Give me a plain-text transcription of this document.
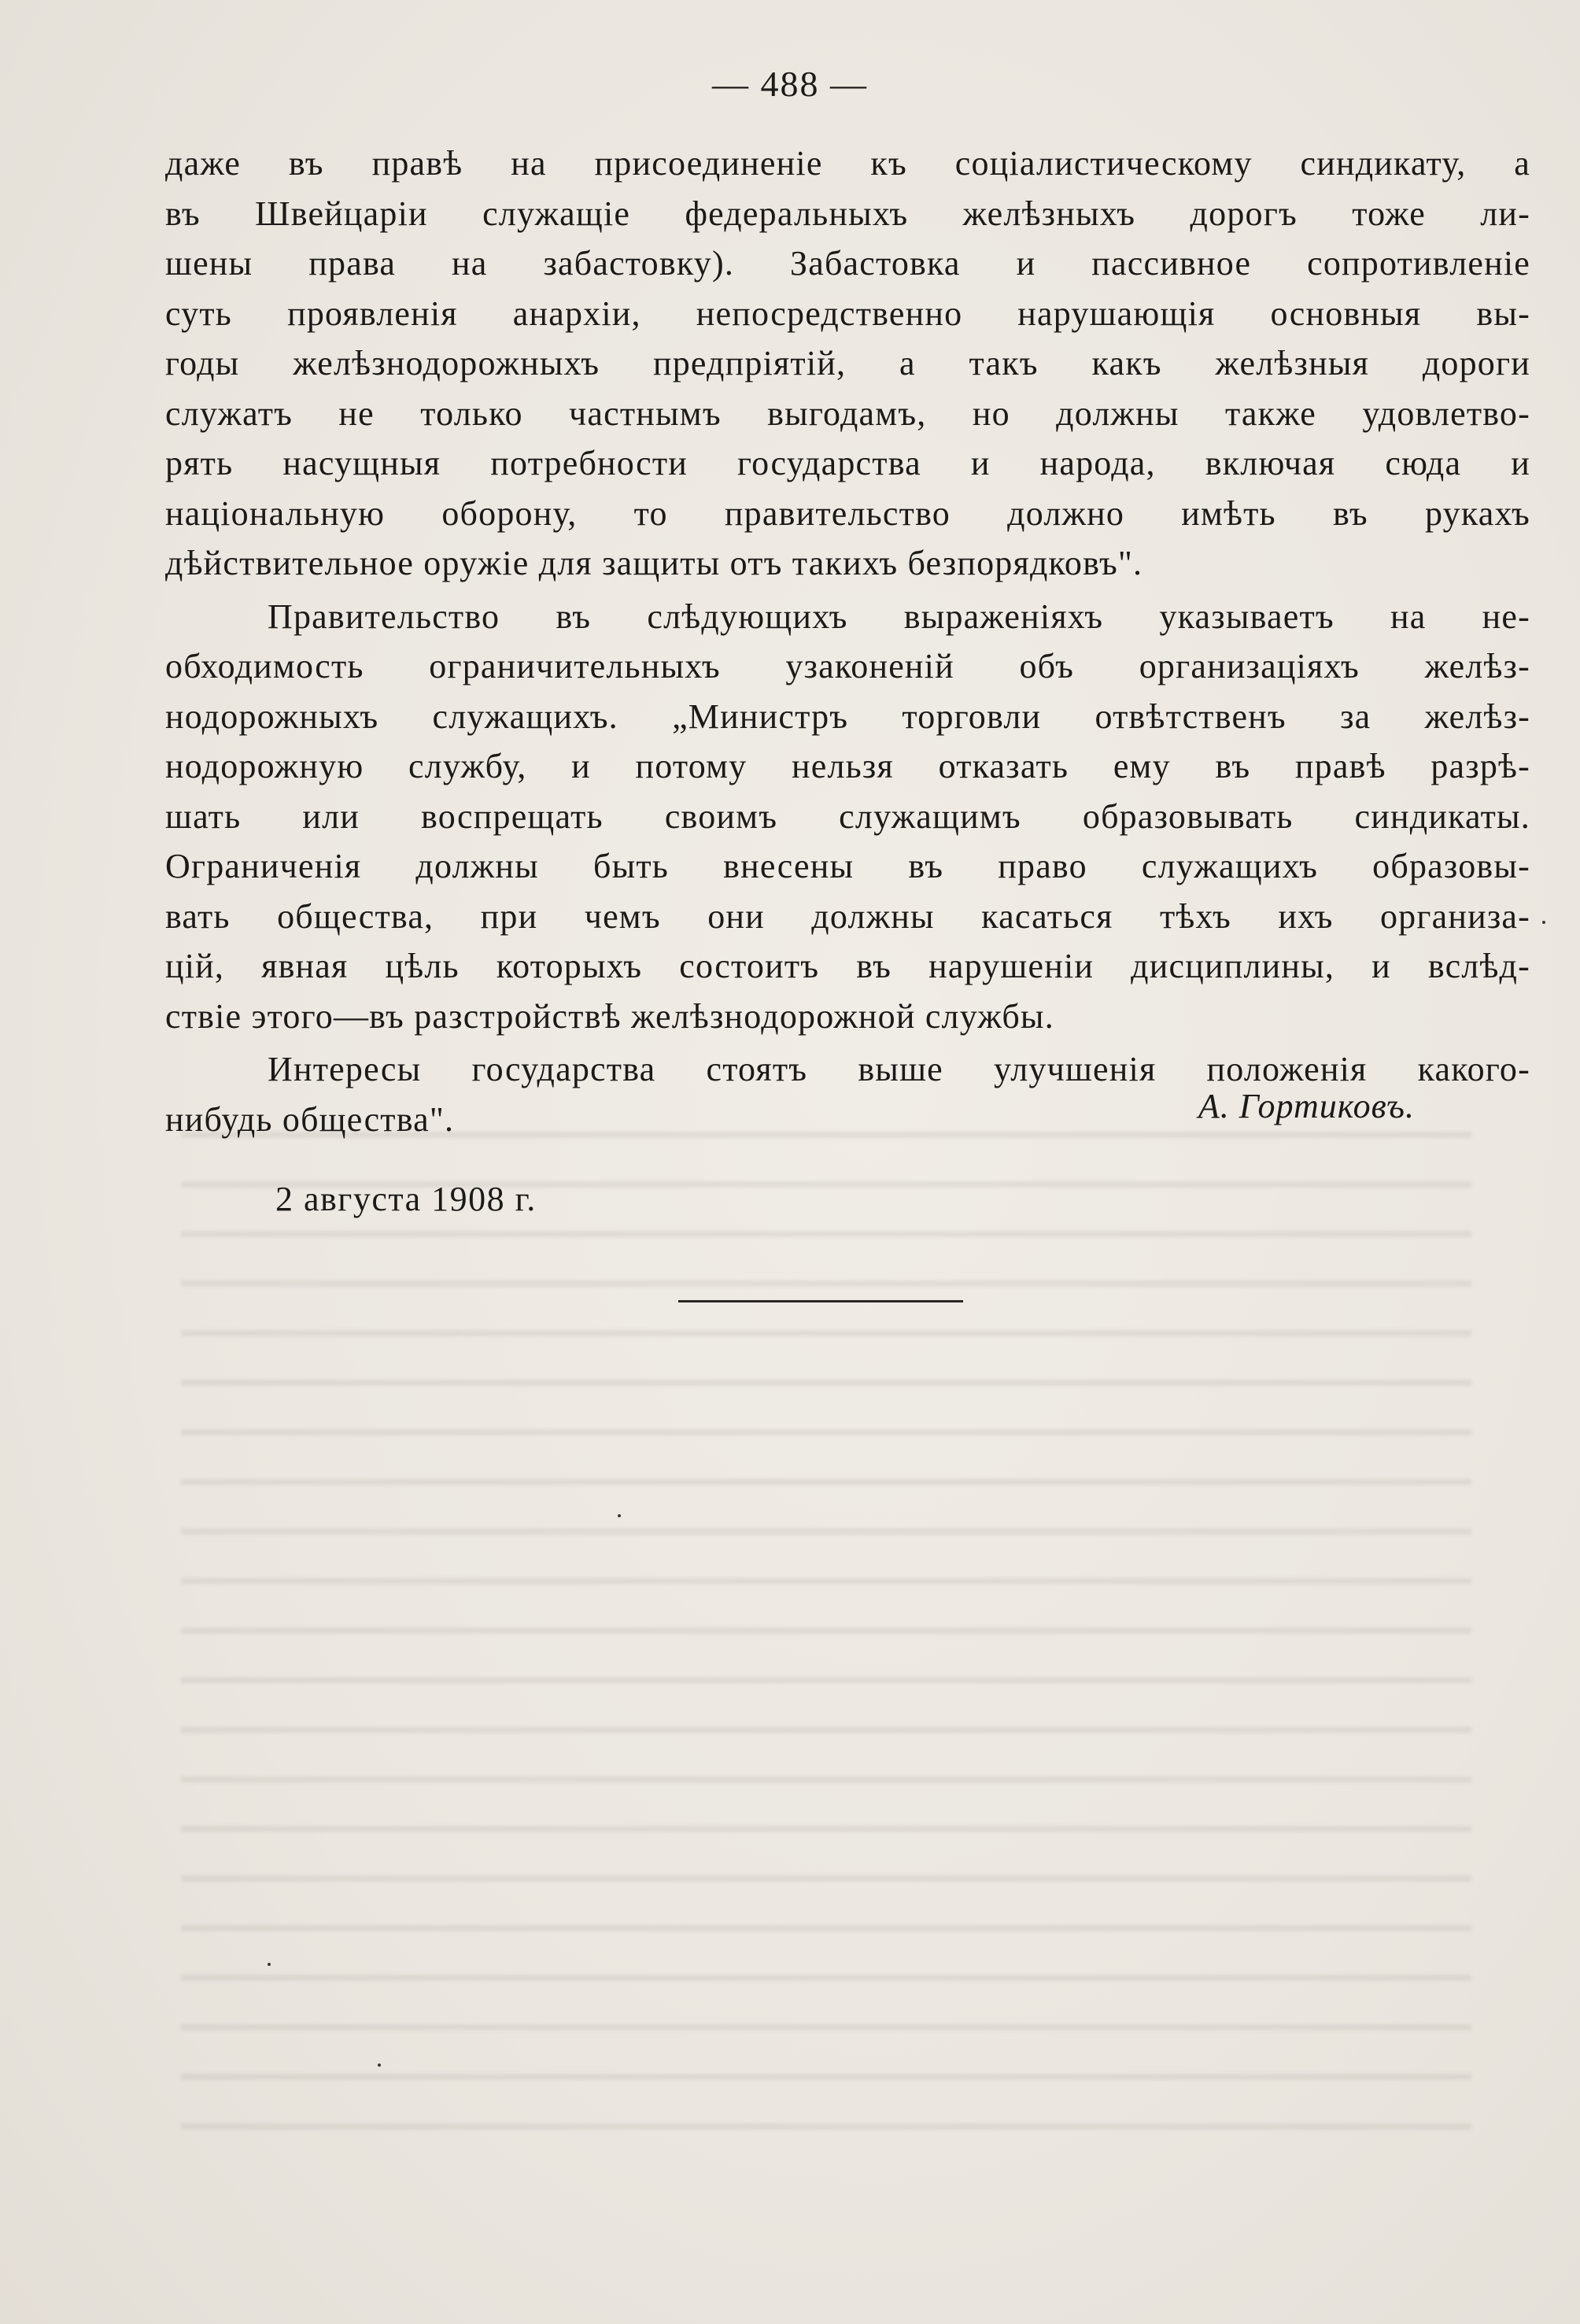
— 488 —
даже въ правѣ на присоединеніе къ соціалистическому синдикату, а
въ Швейцаріи служащіе федеральныхъ желѣзныхъ дорогъ тоже ли-
шены права на забастовку). Забастовка и пассивное сопротивленіе
суть проявленія анархіи, непосредственно нарушающія основныя вы-
годы желѣзнодорожныхъ предпріятій, а такъ какъ желѣзныя дороги
служатъ не только частнымъ выгодамъ, но должны также удовлетво-
рять насущныя потребности государства и народа, включая сюда и
національную оборону, то правительство должно имѣть въ рукахъ
дѣйствительное оружіе для защиты отъ такихъ безпорядковъ".
Правительство въ слѣдующихъ выраженіяхъ указываетъ на не-
обходимость ограничительныхъ узаконеній объ организаціяхъ желѣз-
нодорожныхъ служащихъ. „Министръ торговли отвѣтственъ за желѣз-
нодорожную службу, и потому нельзя отказать ему въ правѣ разрѣ-
шать или воспрещать своимъ служащимъ образовывать синдикаты.
Ограниченія должны быть внесены въ право служащихъ образовы-
вать общества, при чемъ они должны касаться тѣхъ ихъ организа-
цій, явная цѣль которыхъ состоитъ въ нарушеніи дисциплины, и вслѣд-
ствіе этого—въ разстройствѣ желѣзнодорожной службы.
Интересы государства стоятъ выше улучшенія положенія какого-
нибудь общества".	А. Гортиковъ.
2 августа 1908 г.
